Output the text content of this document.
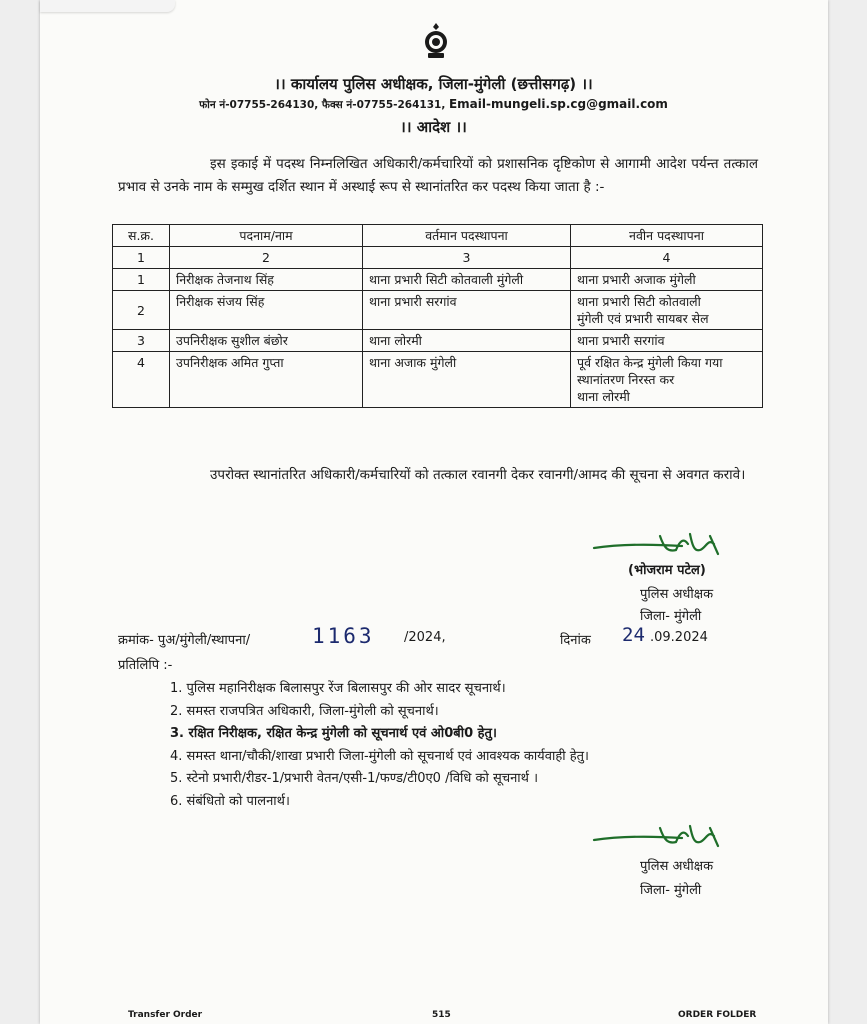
।। कार्यालय पुलिस अधीक्षक, जिला-मुंगेली (छत्तीसगढ़) ।।
फोन नं-07755-264130, फैक्स नं-07755-264131, Email-mungeli.sp.cg@gmail.com
।। आदेश ।।

इस इकाई में पदस्थ निम्नलिखित अधिकारी/कर्मचारियों को प्रशासनिक दृष्टिकोण से आगामी आदेश पर्यन्त तत्काल प्रभाव से उनके नाम के सम्मुख दर्शित स्थान में अस्थाई रूप से स्थानांतरित कर पदस्थ किया जाता है :-

स.क्र.	पदनाम/नाम	वर्तमान पदस्थापना	नवीन पदस्थापना
1	2	3	4
1	निरीक्षक तेजनाथ सिंह	थाना प्रभारी सिटी कोतवाली मुंगेली	थाना प्रभारी अजाक मुंगेली

2	निरीक्षक संजय सिंह	थाना प्रभारी सरगांव	थाना प्रभारी सिटी कोतवाली
मुंगेली एवं प्रभारी सायबर सेल

3	उपनिरीक्षक सुशील बंछोर	थाना लोरमी	थाना प्रभारी सरगांव

4	उपनिरीक्षक अमित गुप्ता	थाना अजाक मुंगेली	पूर्व रक्षित केन्द्र मुंगेली किया गया
स्थानांतरण निरस्त कर
थाना लोरमी

उपरोक्त स्थानांतरित अधिकारी/कर्मचारियों को तत्काल रवानगी देकर रवानगी/आमद की सूचना से अवगत करावे।

(भोजराम पटेल)
पुलिस अधीक्षक
जिला- मुंगेली
क्रमांक- पुअ/मुंगेली/स्थापना/	1163 /2024,	दिनांक 24 .09.2024
प्रतिलिपि :-
1. पुलिस महानिरीक्षक बिलासपुर रेंज बिलासपुर की ओर सादर सूचनार्थ।
2. समस्त राजपत्रित अधिकारी, जिला-मुंगेली को सूचनार्थ।
3. रक्षित निरीक्षक, रक्षित केन्द्र मुंगेली को सूचनार्थ एवं ओ0बी0 हेतु।
4. समस्त थाना/चौकी/शाखा प्रभारी जिला-मुंगेली को सूचनार्थ एवं आवश्यक कार्यवाही हेतु।
5. स्टेनो प्रभारी/रीडर-1/प्रभारी वेतन/एसी-1/फण्ड/टी0ए0 /विधि को सूचनार्थ ।
6. संबंधितो को पालनार्थ।
पुलिस अधीक्षक
जिला- मुंगेली
Transfer Order	515	ORDER FOLDER
